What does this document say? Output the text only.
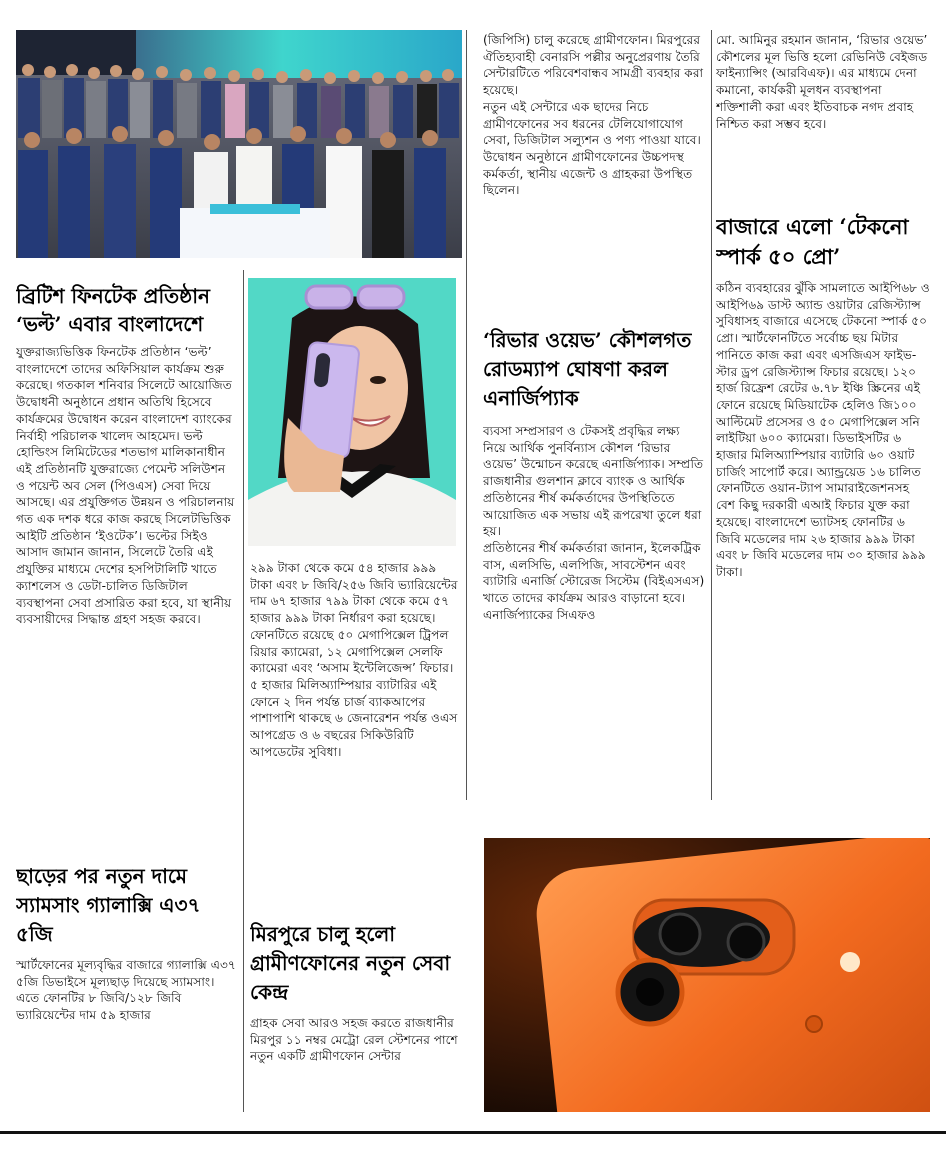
ব্রিটিশ ফিনটেক প্রতিষ্ঠান ‘ভল্ট’ এবার বাংলাদেশে

যুক্তরাজ্যভিত্তিক ফিনটেক প্রতিষ্ঠান ‘ভল্ট’ বাংলাদেশে তাদের অফিসিয়াল কার্যক্রম শুরু করেছে। গতকাল শনিবার সিলেটে আয়োজিত উদ্বোধনী অনুষ্ঠানে প্রধান অতিথি হিসেবে কার্যক্রমের উদ্বোধন করেন বাংলাদেশ ব্যাংকের নির্বাহী পরিচালক খালেদ আহমেদ। ভল্ট হোল্ডিংস লিমিটেডের শতভাগ মালিকানাধীন এই প্রতিষ্ঠানটি যুক্তরাজ্যে পেমেন্ট সলিউশন ও পয়েন্ট অব সেল (পিওএস) সেবা দিয়ে আসছে। এর প্রযুক্তিগত উন্নয়ন ও পরিচালনায় গত এক দশক ধরে কাজ করছে সিলেটভিত্তিক আইটি প্রতিষ্ঠান ‘ইওটেক’। ভল্টের সিইও আসাদ জামান জানান, সিলেটে তৈরি এই প্রযুক্তির মাধ্যমে দেশের হসপিটালিটি খাতে ক্যাশলেস ও ডেটা-চালিত ডিজিটাল ব্যবস্থাপনা সেবা প্রসারিত করা হবে, যা স্থানীয় ব্যবসায়ীদের সিদ্ধান্ত গ্রহণ সহজ করবে।

ছাড়ের পর নতুন দামে স্যামসাং গ্যালাক্সি এ৩৭ ৫জি

স্মার্টফোনের মূল্যবৃদ্ধির বাজারে গ্যালাক্সি এ৩৭ ৫জি ডিভাইসে মূল্যছাড় দিয়েছে স্যামসাং। এতে ফোনটির ৮ জিবি/১২৮ জিবি ভ্যারিয়েন্টের দাম ৫৯ হাজার

২৯৯ টাকা থেকে কমে ৫৪ হাজার ৯৯৯ টাকা এবং ৮ জিবি/২৫৬ জিবি ভ্যারিয়েন্টের দাম ৬৭ হাজার ৭৯৯ টাকা থেকে কমে ৫৭ হাজার ৯৯৯ টাকা নির্ধারণ করা হয়েছে। ফোনটিতে রয়েছে ৫০ মেগাপিক্সেল ট্রিপল রিয়ার ক্যামেরা, ১২ মেগাপিক্সেল সেলফি ক্যামেরা এবং ‘অসাম ইন্টেলিজেন্স’ ফিচার। ৫ হাজার মিলিঅ্যাম্পিয়ার ব্যাটারির এই ফোনে ২ দিন পর্যন্ত চার্জ ব্যাকআপের পাশাপাশি থাকছে ৬ জেনারেশন পর্যন্ত ওএস আপগ্রেড ও ৬ বছরের সিকিউরিটি আপডেটের সুবিধা।

মিরপুরে চালু হলো গ্রামীণফোনের নতুন সেবা কেন্দ্র

গ্রাহক সেবা আরও সহজ করতে রাজধানীর মিরপুর ১১ নম্বর মেট্রো রেল স্টেশনের পাশে নতুন একটি গ্রামীণফোন সেন্টার

(জিপিসি) চালু করেছে গ্রামীণফোন। মিরপুরের ঐতিহ্যবাহী বেনারসি পল্লীর অনুপ্রেরণায় তৈরি সেন্টারটিতে পরিবেশবান্ধব সামগ্রী ব্যবহার করা হয়েছে।
নতুন এই সেন্টারে এক ছাদের নিচে গ্রামীণফোনের সব ধরনের টেলিযোগাযোগ সেবা, ডিজিটাল সল্যুশন ও পণ্য পাওয়া যাবে। উদ্বোধন অনুষ্ঠানে গ্রামীণফোনের উচ্চপদস্থ কর্মকর্তা, স্থানীয় এজেন্ট ও গ্রাহকরা উপস্থিত ছিলেন।

‘রিভার ওয়েভ’ কৌশলগত রোডম্যাপ ঘোষণা করল এনার্জিপ্যাক

ব্যবসা সম্প্রসারণ ও টেকসই প্রবৃদ্ধির লক্ষ্য নিয়ে আর্থিক পুনর্বিন্যাস কৌশল ‘রিভার ওয়েভ’ উন্মোচন করেছে এনার্জিপ্যাক। সম্প্রতি রাজধানীর গুলশান ক্লাবে ব্যাংক ও আর্থিক প্রতিষ্ঠানের শীর্ষ কর্মকর্তাদের উপস্থিতিতে আয়োজিত এক সভায় এই রূপরেখা তুলে ধরা হয়।
প্রতিষ্ঠানের শীর্ষ কর্মকর্তারা জানান, ইলেকট্রিক বাস, এলসিভি, এলপিজি, সাবস্টেশন এবং ব্যাটারি এনার্জি স্টোরেজ সিস্টেম (বিইএসএস) খাতে তাদের কার্যক্রম আরও বাড়ানো হবে। এনার্জিপ্যাকের সিএফও

মো. আমিনুর রহমান জানান, ‘রিভার ওয়েভ’ কৌশলের মূল ভিত্তি হলো রেভিনিউ বেইজড ফাইন্যান্সিং (আরবিএফ)। এর মাধ্যমে দেনা কমানো, কার্যকরী মূলধন ব্যবস্থাপনা শক্তিশালী করা এবং ইতিবাচক নগদ প্রবাহ নিশ্চিত করা সম্ভব হবে।

বাজারে এলো ‘টেকনো স্পার্ক ৫০ প্রো’

কঠিন ব্যবহারের ঝুঁকি সামলাতে আইপি৬৮ ও আইপি৬৯ ডাস্ট অ্যান্ড ওয়াটার রেজিস্ট্যান্স সুবিধাসহ বাজারে এসেছে টেকনো স্পার্ক ৫০ প্রো। স্মার্টফোনটিতে সর্বোচ্চ ছয় মিটার পানিতে কাজ করা এবং এসজিএস ফাইভ-স্টার ড্রপ রেজিস্ট্যান্স ফিচার রয়েছে। ১২০ হার্জ রিফ্রেশ রেটের ৬.৭৮ ইঞ্চি স্ক্রিনের এই ফোনে রয়েছে মিডিয়াটেক হেলিও জি১০০ আল্টিমেট প্রসেসর ও ৫০ মেগাপিক্সেল সনি লাইটিয়া ৬০০ ক্যামেরা। ডিভাইসটির ৬ হাজার মিলিঅ্যাম্পিয়ার ব্যাটারি ৬০ ওয়াট চার্জিং সাপোর্ট করে। অ্যান্ড্রয়েড ১৬ চালিত ফোনটিতে ওয়ান-ট্যাপ সামারাইজেশনসহ বেশ কিছু দরকারী এআই ফিচার যুক্ত করা হয়েছে। বাংলাদেশে ভ্যাটসহ ফোনটির ৬ জিবি মডেলের দাম ২৬ হাজার ৯৯৯ টাকা এবং ৮ জিবি মডেলের দাম ৩০ হাজার ৯৯৯ টাকা।
